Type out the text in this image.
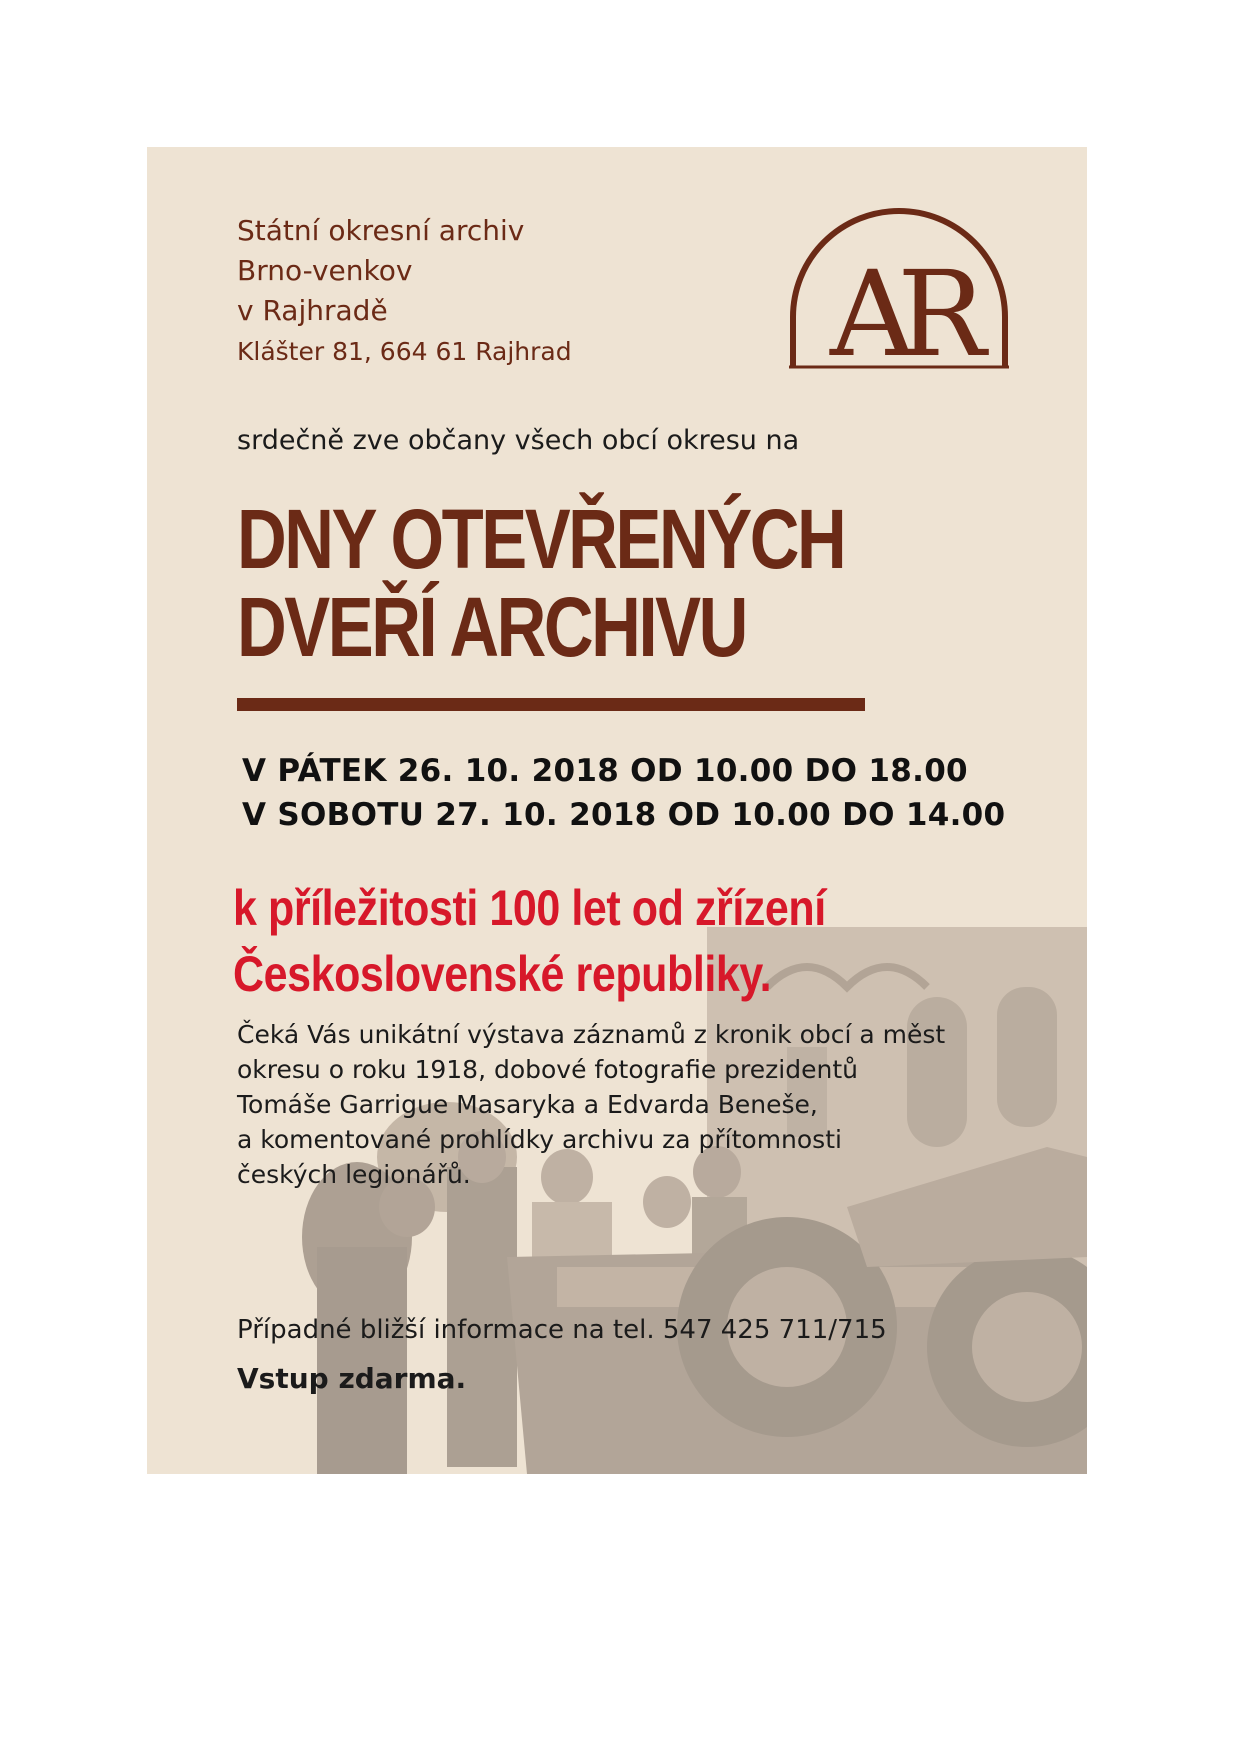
Státní okresní archiv
Brno-venkov
v Rajhradě
Klášter 81, 664 61 Rajhrad AR
srdečně zve občany všech obcí okresu na
DNY OTEVŘENÝCH
DVEŘÍ ARCHIVU
V PÁTEK 26. 10. 2018 OD 10.00 DO 18.00
V SOBOTU 27. 10. 2018 OD 10.00 DO 14.00
k příležitosti 100 let od zřízení
Československé republiky.
Čeká Vás unikátní výstava záznamů z kronik obcí a měst
okresu o roku 1918, dobové fotografie prezidentů
Tomáše Garrigue Masaryka a Edvarda Beneše,
a komentované prohlídky archivu za přítomnosti
českých legionářů.
Případné bližší informace na tel. 547 425 711/715
Vstup zdarma.
